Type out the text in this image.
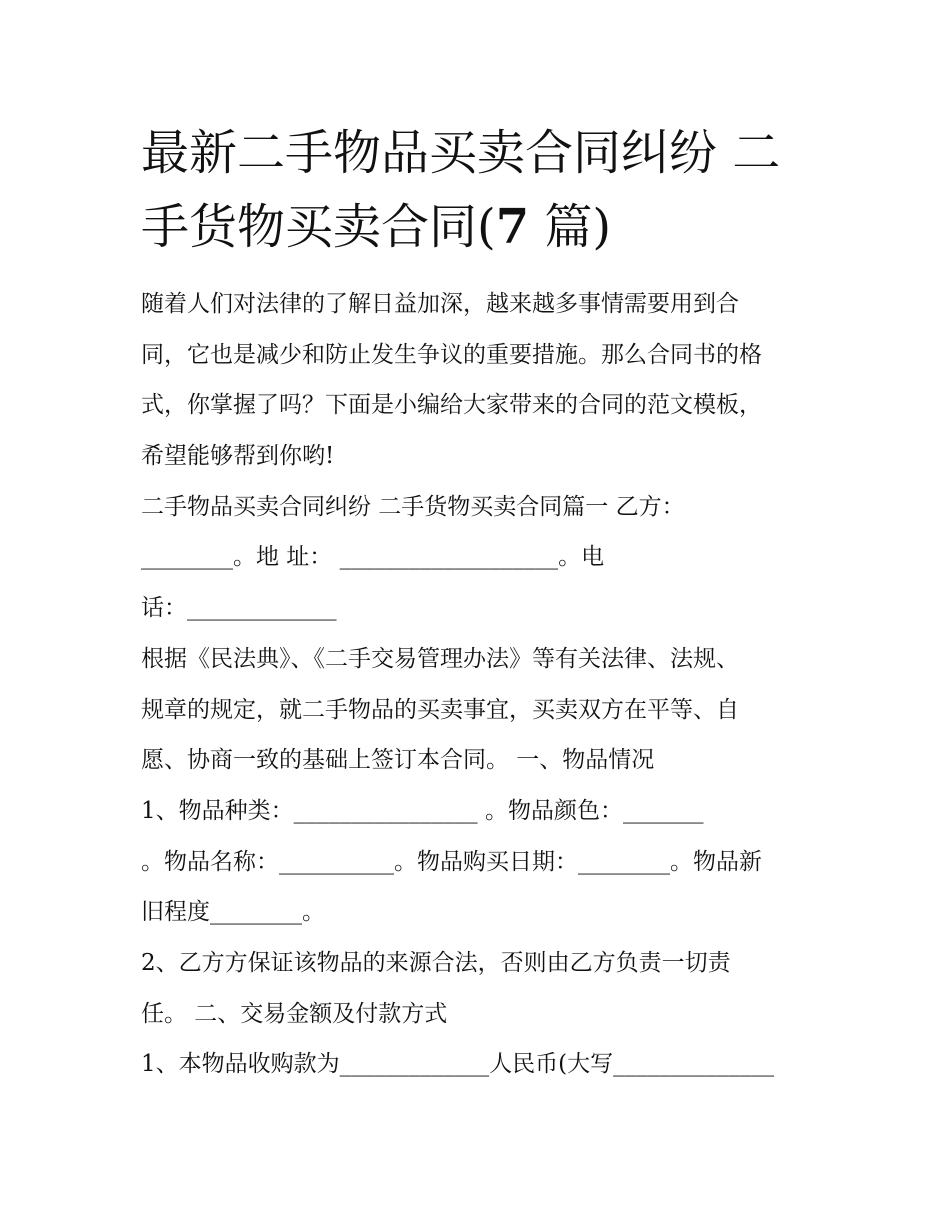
最新二手物品买卖合同纠纷 二
手货物买卖合同(7 篇)
随着人们对法律的了解日益加深，越来越多事情需要用到合
同，它也是减少和防止发生争议的重要措施。那么合同书的格
式，你掌握了吗？下面是小编给大家带来的合同的范文模板，
希望能够帮到你哟!
二手物品买卖合同纠纷 二手货物买卖合同篇一 乙方：
________。地 址： ___________________。电
话：_____________
根据《民法典》、《二手交易管理办法》等有关法律、法规、
规章的规定，就二手物品的买卖事宜，买卖双方在平等、自
愿、协商一致的基础上签订本合同。 一、物品情况
1、物品种类：________________ 。物品颜色：_______
。物品名称：__________。物品购买日期：________。物品新
旧程度________。
2、乙方方保证该物品的来源合法，否则由乙方负责一切责
任。 二、交易金额及付款方式
1、本物品收购款为_____________人民币(大写______________
